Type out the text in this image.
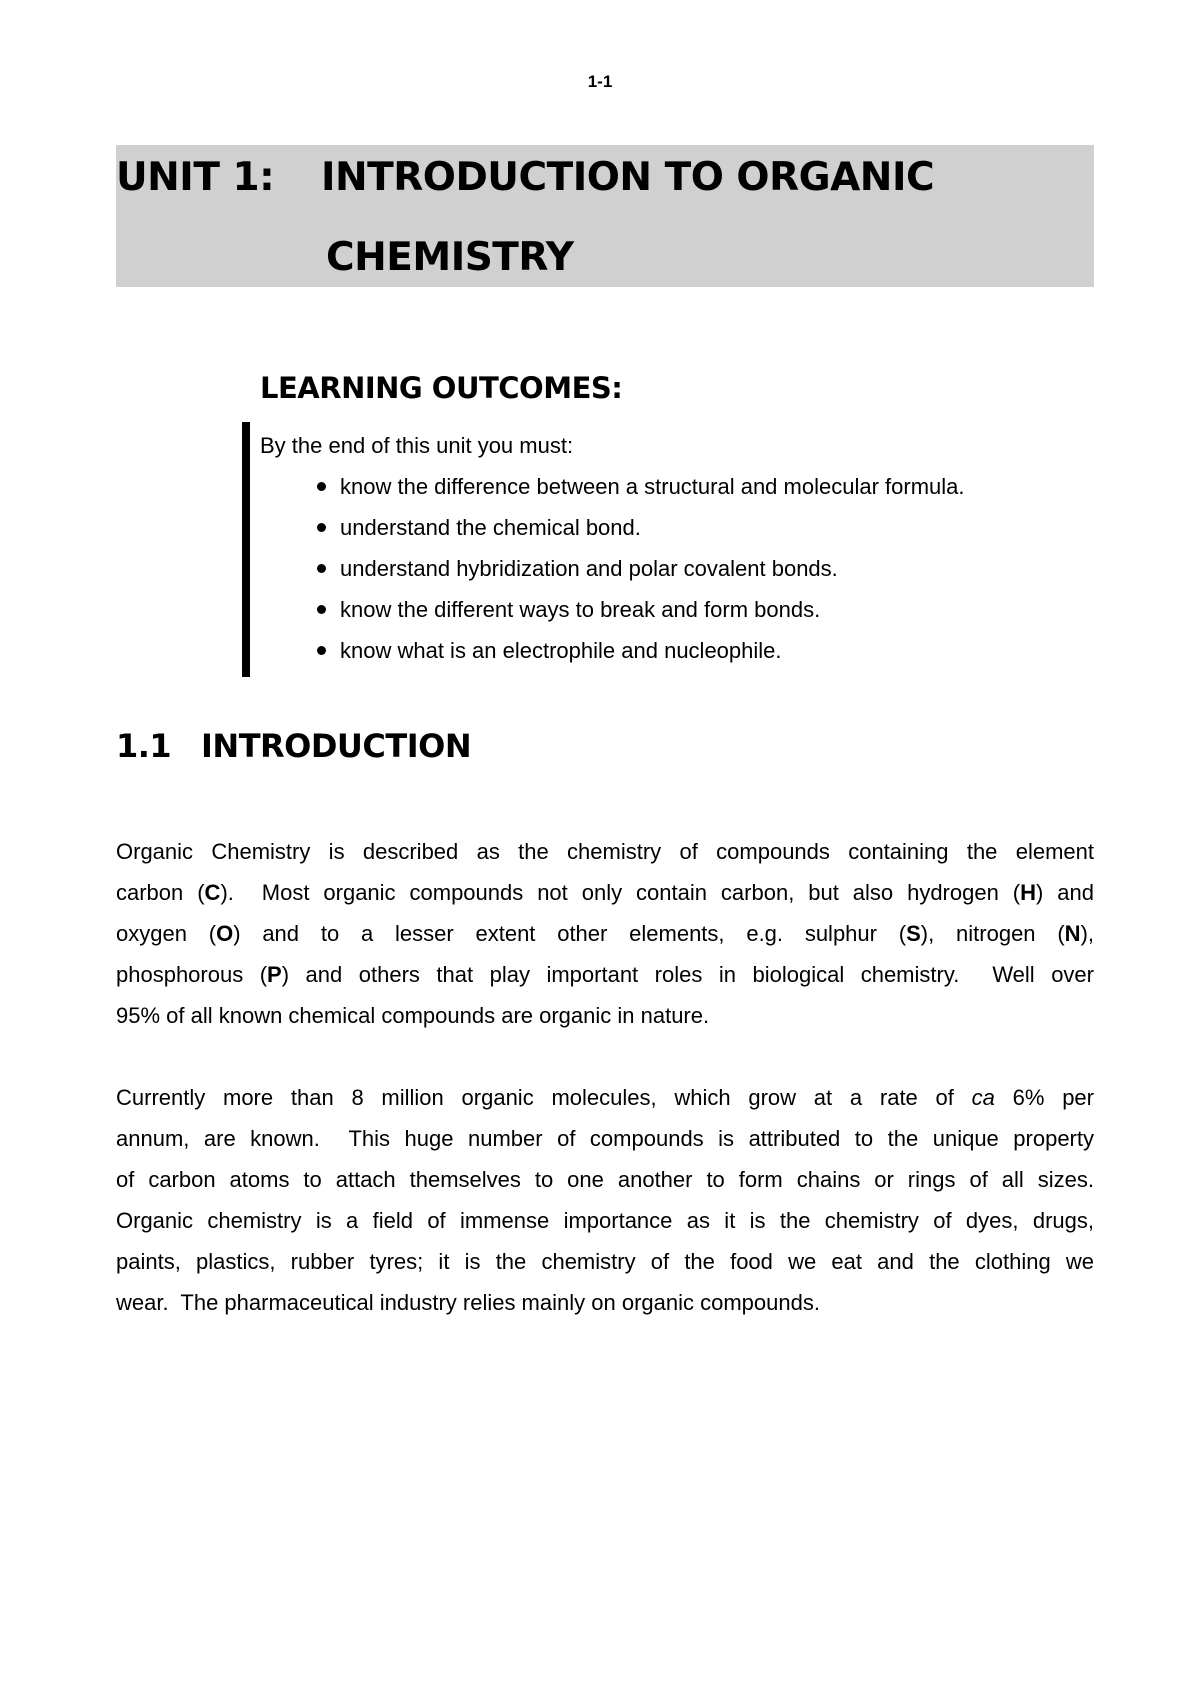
1-1
UNIT 1: INTRODUCTION TO ORGANIC
CHEMISTRY
LEARNING OUTCOMES:
By the end of this unit you must:
know the difference between a structural and molecular formula.
understand the chemical bond.
understand hybridization and polar covalent bonds.
know the different ways to break and form bonds.
know what is an electrophile and nucleophile.
1.1 INTRODUCTION
Organic Chemistry is described as the chemistry of compounds containing the element
carbon (C).  Most organic compounds not only contain carbon, but also hydrogen (H) and
oxygen (O) and to a lesser extent other elements, e.g. sulphur (S), nitrogen (N),
phosphorous (P) and others that play important roles in biological chemistry.  Well over
95% of all known chemical compounds are organic in nature.
Currently more than 8 million organic molecules, which grow at a rate of ca 6% per
annum, are known.  This huge number of compounds is attributed to the unique property
of carbon atoms to attach themselves to one another to form chains or rings of all sizes.
Organic chemistry is a field of immense importance as it is the chemistry of dyes, drugs,
paints, plastics, rubber tyres; it is the chemistry of the food we eat and the clothing we
wear.  The pharmaceutical industry relies mainly on organic compounds.
